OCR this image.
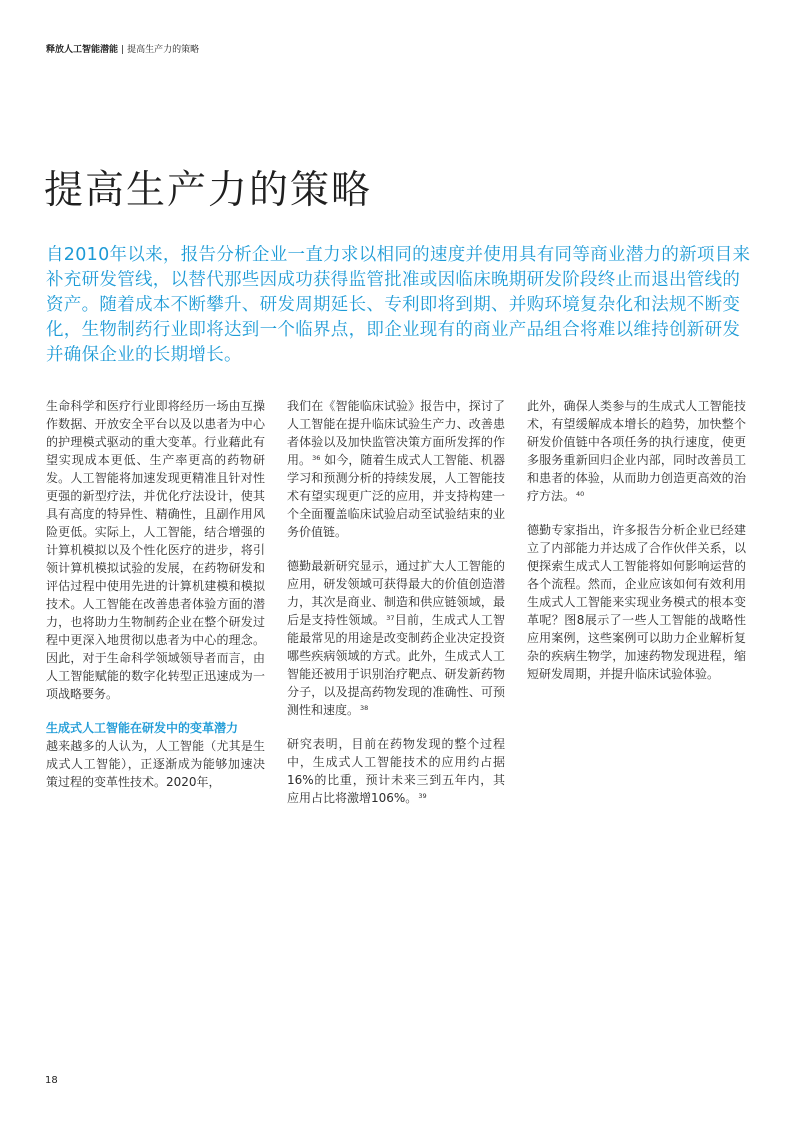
释放人工智能潜能 | 提高生产力的策略
提高生产力的策略

自2010年以来，报告分析企业一直力求以相同的速度并使用具有同等商业潜力的新项目来补充研发管线，以替代那些因成功获得监管批准或因临床晚期研发阶段终止而退出管线的资产。随着成本不断攀升、研发周期延长、专利即将到期、并购环境复杂化和法规不断变化，生物制药行业即将达到一个临界点，即企业现有的商业产品组合将难以维持创新研发并确保企业的长期增长。

生命科学和医疗行业即将经历一场由互操作数据、开放安全平台以及以患者为中心的护理模式驱动的重大变革。行业藉此有望实现成本更低、生产率更高的药物研发。人工智能将加速发现更精准且针对性更强的新型疗法，并优化疗法设计，使其具有高度的特异性、精确性，且副作用风险更低。实际上，人工智能，结合增强的计算机模拟以及个性化医疗的进步，将引领计算机模拟试验的发展，在药物研发和评估过程中使用先进的计算机建模和模拟技术。人工智能在改善患者体验方面的潜力，也将助力生物制药企业在整个研发过程中更深入地贯彻以患者为中心的理念。因此，对于生命科学领域领导者而言，由人工智能赋能的数字化转型正迅速成为一项战略要务。

生成式人工智能在研发中的变革潜力
越来越多的人认为，人工智能（尤其是生成式人工智能），正逐渐成为能够加速决策过程的变革性技术。2020年，

我们在《智能临床试验》报告中，探讨了人工智能在提升临床试验生产力、改善患者体验以及加快监管决策方面所发挥的作用。$^{36}$ 如今，随着生成式人工智能、机器学习和预测分析的持续发展，人工智能技术有望实现更广泛的应用，并支持构建一个全面覆盖临床试验启动至试验结束的业务价值链。

德勤最新研究显示，通过扩大人工智能的应用，研发领域可获得最大的价值创造潜力，其次是商业、制造和供应链领域，最后是支持性领域。$^{37}$目前，生成式人工智能最常见的用途是改变制药企业决定投资哪些疾病领域的方式。此外，生成式人工智能还被用于识别治疗靶点、研发新药物分子，以及提高药物发现的准确性、可预测性和速度。$^{38}$

研究表明，目前在药物发现的整个过程中，生成式人工智能技术的应用约占据16%的比重，预计未来三到五年内，其应用占比将激增106%。$^{39}$

此外，确保人类参与的生成式人工智能技术，有望缓解成本增长的趋势，加快整个研发价值链中各项任务的执行速度，使更多服务重新回归企业内部，同时改善员工和患者的体验，从而助力创造更高效的治疗方法。$^{40}$

德勤专家指出，许多报告分析企业已经建立了内部能力并达成了合作伙伴关系，以便探索生成式人工智能将如何影响运营的各个流程。然而，企业应该如何有效利用生成式人工智能来实现业务模式的根本变革呢？图8展示了一些人工智能的战略性应用案例，这些案例可以助力企业解析复杂的疾病生物学，加速药物发现进程，缩短研发周期，并提升临床试验体验。

18
